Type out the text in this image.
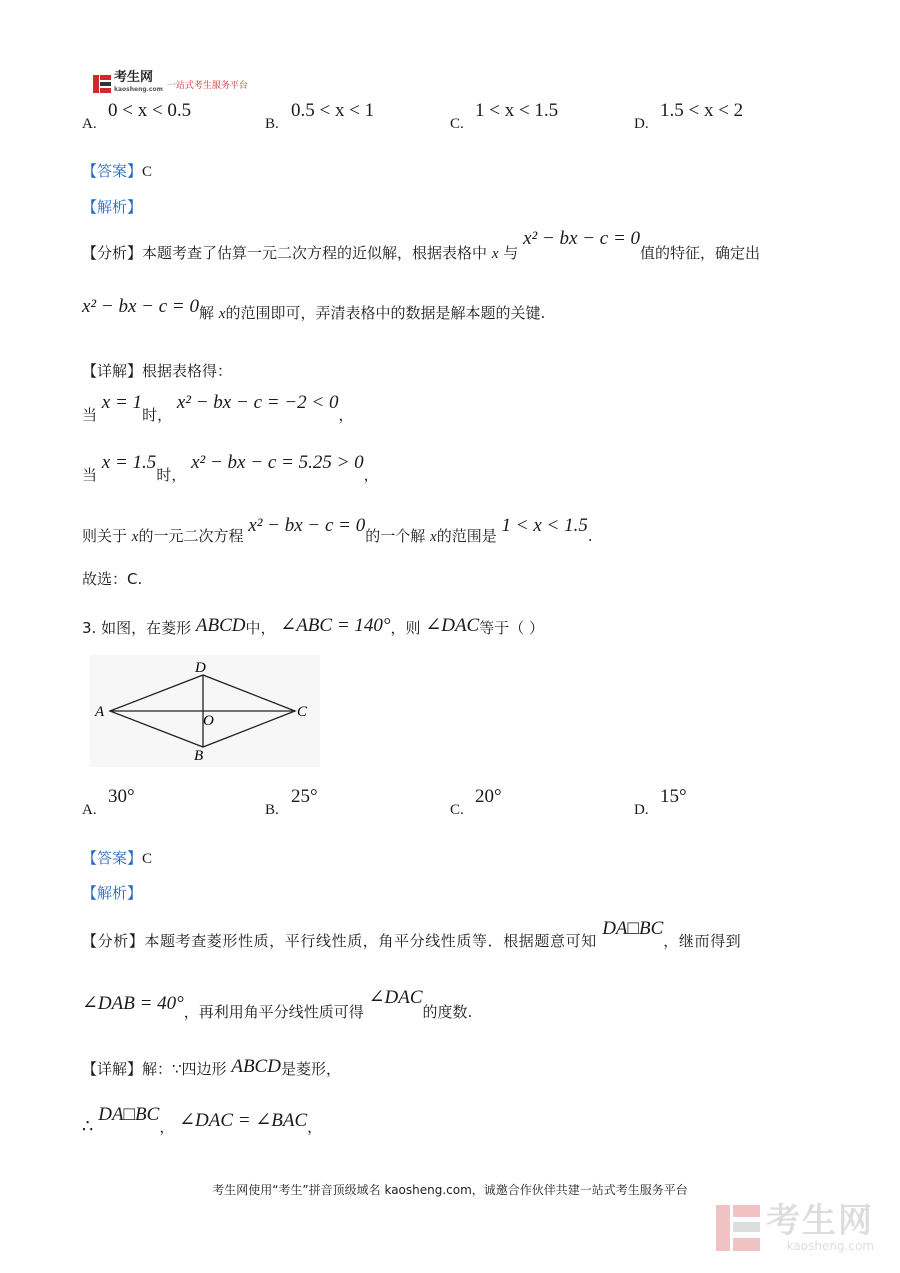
考生网
kaosheng.com 一站式考生服务平台
A.
0 < x < 0.5
B.
0.5 < x < 1
C.
1 < x < 1.5
D.
1.5 < x < 2
【答案】C
【解析】
【分析】本题考查了估算一元二次方程的近似解，根据表格中 x 与 x² − bx − c = 0值的特征，确定出
x² − bx − c = 0解 x的范围即可，弄清表格中的数据是解本题的关键.
【详解】根据表格得：
当 x = 1时， x² − bx − c = −2 < 0，
当 x = 1.5时， x² − bx − c = 5.25 > 0，
则关于 x的一元二次方程 x² − bx − c = 0的一个解 x的范围是 1 < x < 1.5.
故选：C.
3. 如图，在菱形 ABCD中， ∠ABC = 140°，则 ∠DAC等于（ ）
A
D
C
B
O
A.
30°
B.
25°
C.
20°
D.
15°
【答案】C
【解析】
【分析】本题考查菱形性质，平行线性质，角平分线性质等．根据题意可知 DA□BC，继而得到
∠DAB = 40°，再利用角平分线性质可得 ∠DAC的度数.
【详解】解：∵四边形 ABCD是菱形，
∴ DA□BC， ∠DAC = ∠BAC，
考生网使用“考生”拼音顶级域名 kaosheng.com，诚邀合作伙伴共建一站式考生服务平台
考生网
kaosheng.com
